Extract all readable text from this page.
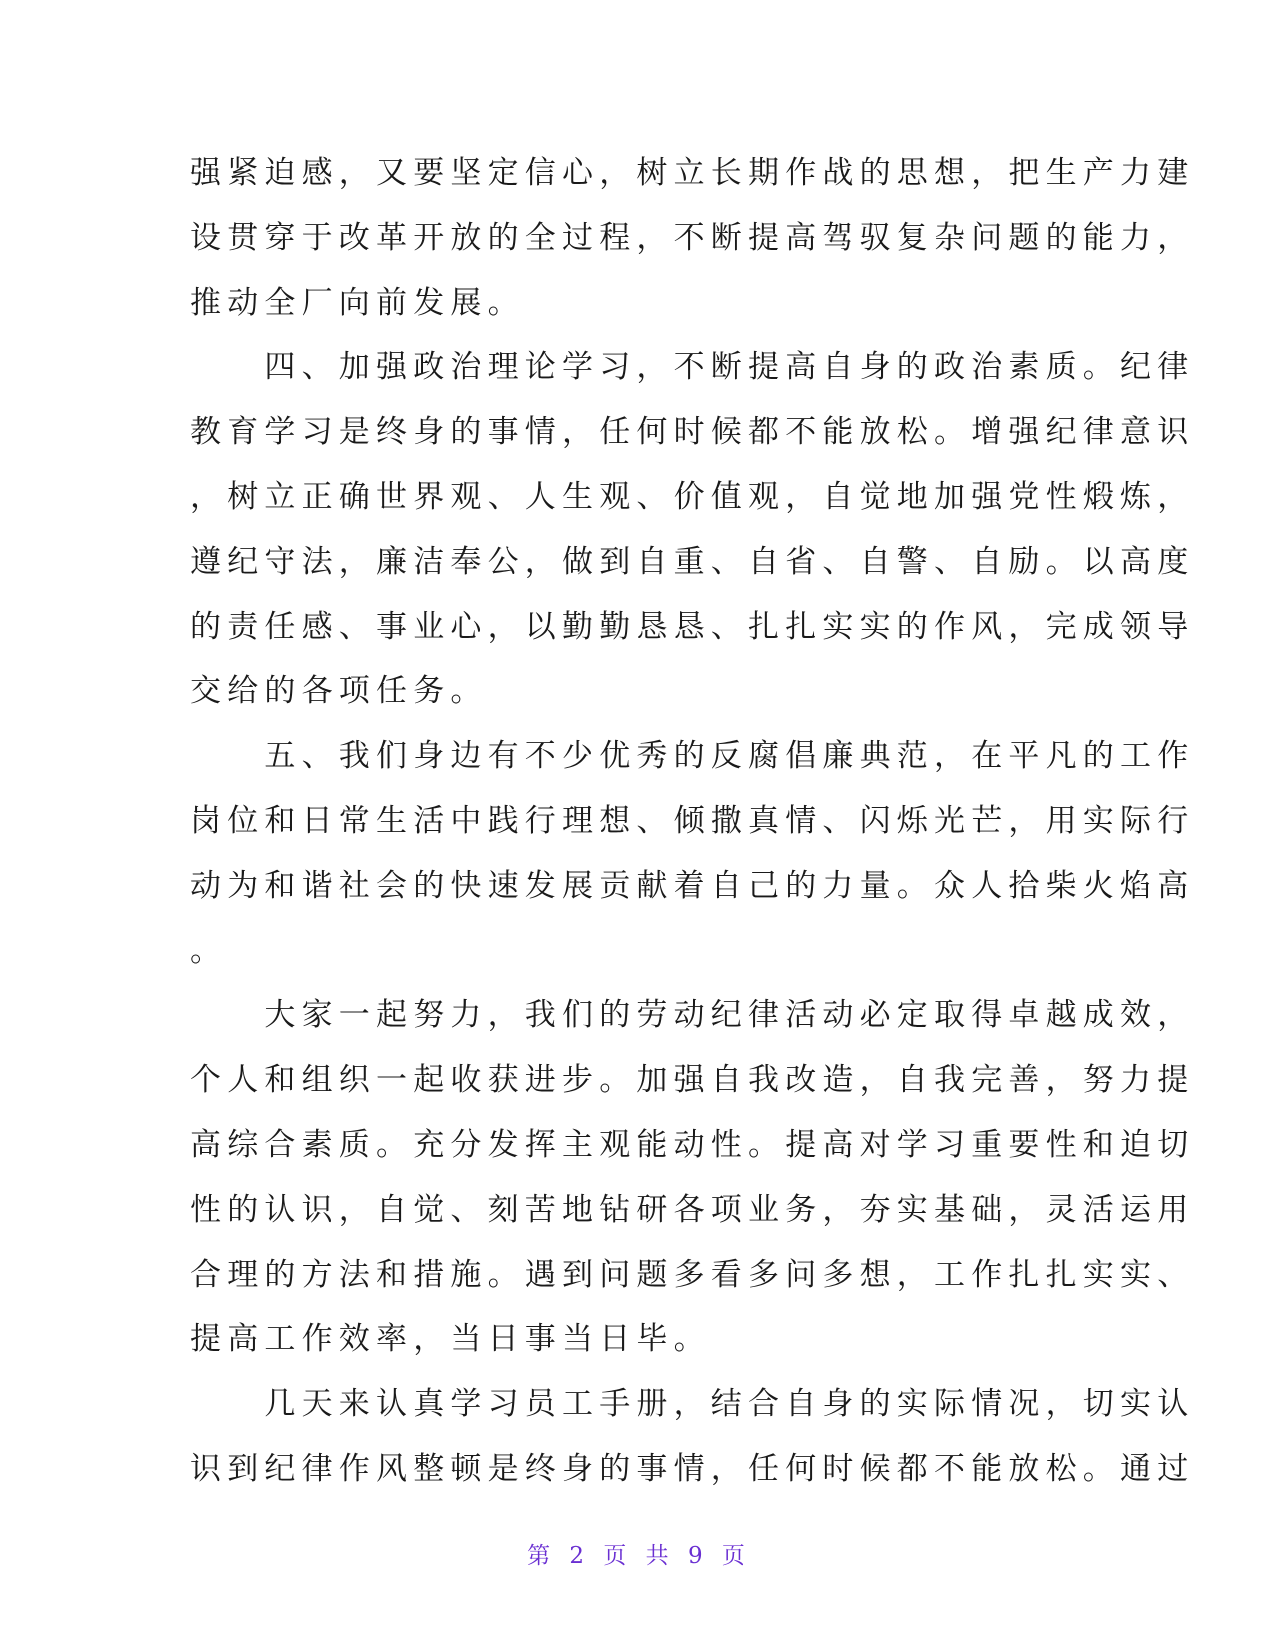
强紧迫感，又要坚定信心，树立长期作战的思想，把生产力建
设贯穿于改革开放的全过程，不断提高驾驭复杂问题的能力，
推动全厂向前发展。
　　四、加强政治理论学习，不断提高自身的政治素质。纪律
教育学习是终身的事情，任何时候都不能放松。增强纪律意识
，树立正确世界观、人生观、价值观，自觉地加强党性煅炼，
遵纪守法，廉洁奉公，做到自重、自省、自警、自励。以高度
的责任感、事业心，以勤勤恳恳、扎扎实实的作风，完成领导
交给的各项任务。
　　五、我们身边有不少优秀的反腐倡廉典范，在平凡的工作
岗位和日常生活中践行理想、倾撒真情、闪烁光芒，用实际行
动为和谐社会的快速发展贡献着自己的力量。众人拾柴火焰高
。
　　大家一起努力，我们的劳动纪律活动必定取得卓越成效，
个人和组织一起收获进步。加强自我改造，自我完善，努力提
高综合素质。充分发挥主观能动性。提高对学习重要性和迫切
性的认识，自觉、刻苦地钻研各项业务，夯实基础，灵活运用
合理的方法和措施。遇到问题多看多问多想，工作扎扎实实、
提高工作效率，当日事当日毕。
　　几天来认真学习员工手册，结合自身的实际情况，切实认
识到纪律作风整顿是终身的事情，任何时候都不能放松。通过
第 2 页 共 9 页
